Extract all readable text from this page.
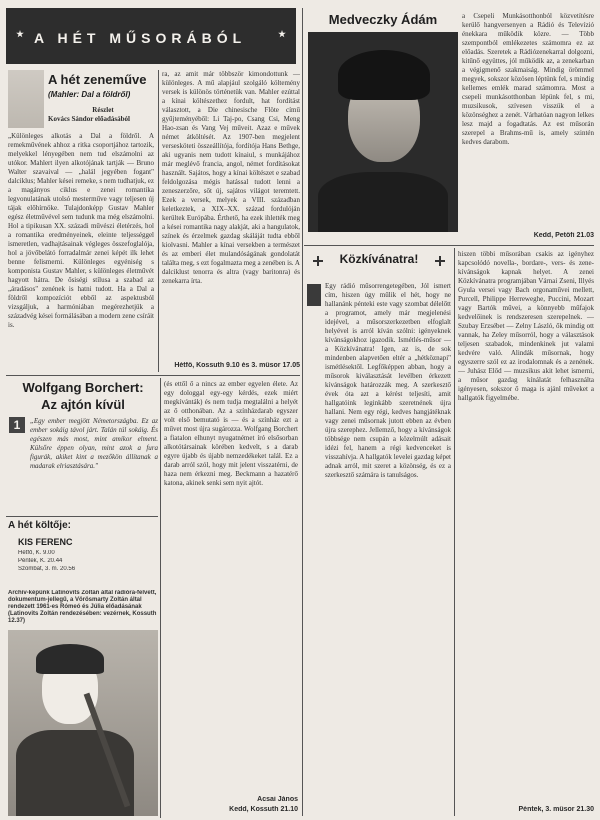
A HÉT MŰSORÁBÓL
A hét zeneműve
(Mahler: Dal a földről)
Részlet
Kovács Sándor előadásából
„Különleges alkotás a Dal a földről. A remekművének ahhoz a ritka csoportjához tartozik, melyekkel lényegében nem tud elszámolni az utókor. Mahlert ilyen alkotójának tartják — Bruno Walter szavaival — „halál jegyében fogant" dalciklus; Mahler kései remeke, s nem tudhatjuk, ez a magányos ciklus e zenei romantika legvonulatának utolsó mesterműve vagy teljesen új tájak előhírnöke. Tulajdonképp Gustav Mahler egész életművével sem tudunk ma még elszámolni. Hol a tipikusan XX. századi művészi életérzés, hol a romantika eredményeinek, eleinte teljességgel ismeretlen, vadhajtásainak végleges összefoglalója, hol a jövőbelátó forradalmár zenei képét ilk lehet benne felismerni. Különleges egyéniség s komponista Gustav Mahler, s különleges életművét hagyott hátra. De ősiségi stílusa a szabad az „áradásos" zenének is hatni tudott. Ha a Dal a földről kompozíciót ebből az aspektusból vizsgáljuk, a harmóniában megérezhetjük a századvég kései formálásában a modern zene csíráit is.
ra, az amit már többször kimondottunk — különleges. A mű alapjául szolgáló költemény versek is különös történetük van. Mahler ezúttal a kínai költészethez fordult, hat fordítást választott, a Die chinesische Flöte című gyűjteményéből: Li Taj-po, Csang Csi, Meng Hao-zsan és Vang Vej műveit. Azaz e művek német átköltését. Az 1907-ben megjelent versesköteti összeállítója, fordítója Hans Bethge, aki ugyanis nem tudott kínaiul, s munkájához már meglévő francia, angol, német fordításokat használt. Sajátos, hogy a kínai költészet e szabad feldolgozása mégis hatással tudott lenni a zeneszerzőre, sőt új, sajátos világot teremtett. Ezek a versek, melyek a VIII. században keletkeztek, a XIX–XX. század fordulóján kerültek Európába. Érthető, ha ezek ihlették meg a kései romantika nagy alakját, aki a hangulatok, színek és érzelmek gazdag skáláját tudta ebből kiolvasni. Mahler a kínai versekben a természet és az emberi élet mulandóságának gondolatát találta meg, s ezt fogalmazta meg a zenében is. A dalciklust tenorra és altra (vagy baritonra) és zenekarra írta.
Hétfő, Kossuth 9.10 és 3. műsor 17.05
Medveczky Ádám	a Csepeli Munkásotthonból közvetítésre kerülő hangversenyen a Rádió és Televízió énekkara működik közre. — Több szempontból emlékezetes számomra ez az előadás. Szeretek a Rádiózenekarral dolgozni, kitűnő együttes, jól működik az, a zenekarban a végigmenő szakmaiság. Mindig örömmel megyek, sokszor közösen léptünk fel, s mindig kellemes emlék marad számomra. Most a csepeli munkásotthonban lépünk fel, s mi, muzsikusok, szívesen visszük el a közönséghez a zenét. Várhatóan nagyon lelkes lesz majd a fogadtatás. Az est műsorán szerepel a Brahms-mű is, amely szintén kedves darabom.
Kedd, Petőfi 21.03
Közkívánatra!
Egy rádió műsorrengetegében, Jól ismert cím, hiszen úgy műlik el hét, hogy ne hallanánk pénteki este vagy szombat délelőtt a programot, amely már megjelenési idejével, a műsorszerkezetben elfoglalt helyével is arról kíván szólni: igényeknek kívánságokhoz igazodik. Ismétlés-műsor — a Közkívánatra! Igen, az is, de sok mindenben alapvetően eltér a „hétköznapi" ismétlésektől. Legfőképpen abban, hogy a műsorok kiválasztását levélben érkezett kívánságok határozzák meg. A szerkesztő évek óta azt a kérést teljesíti, amit hallgatóink leginkább szeretnének újra hallani. Nem egy régi, kedves hangjátéknak vagy zenei műsornak jutott ebben az évben újra szerephez. Jellemző, hogy a kívánságok többsége nem csupán a közelmúlt adásait idézi fel, hanem a régi kedvenceket is visszahívja. A hallgatók levelei gazdag képet adnak arról, mit szeret a közönség, és ez a szerkesztő számára is tanulságos.
hiszen többi műsorában csakis az igényhez kapcsolódó novella-, bordare-, vers- és zene-kívánságok kapnak helyet. A zenei Közkívánatra programjában Várnai Zseni, Illyés Gyula versei vagy Bach orgonaművei mellett, Purcell, Philippe Herreweghe, Puccini, Mozart vagy Bartók művei, a könnyebb műfajok kedvelőinek is rendszeresen szerepelnek. — Szubay Erzsébet — Zelny László, ők mindig ott vannak, ha Zeley műsorról, hogy a választások teljesen szabadok, mindenkinek jut valami kedvére való. Alindák műsornak, hogy egyszerre szól ez az irodalomnak és a zenének. — Juhász Előd — muzsikus akit lehet ismerni, a műsor gazdag kínálatát felhasználta igényesen, sokszor ő maga is ajánl műveket a hallgatók figyelmébe.
Péntek, 3. műsor 21.30
Wolfgang Borchert:
Az ajtón kívül
1	„Egy ember megjött Németországba. Ez az ember sokáig távol járt. Talán túl sokáig. És egészen más most, mint amikor elment. Külsőre éppen olyan, mint azok a fura figurák, akiket kint a mezőkön állítanak a madarak elriasztására."
(és ettől ő a nincs az ember egyelen élete. Az egy dologgal egy-egy kérdés, ezek miért megkívánták) és nem tudja megtalálni a helyét az ő otthonában. Az a színházdarab egyszer volt első bemutató is — és a színház ezt a művet most újra sugározza. Wolfgang Borchert a fiatalon elhunyt nyugatnémet író elsősorban alkotótársainak körében kedvelt, s a darab egyre újabb és újabb nemzedékeket talál. Ez a darab arról szól, hogy mit jelent visszatérni, de haza nem érkezni meg. Beckmann a hazatérő katona, akinek senki sem nyit ajtót.
Acsai János
Kedd, Kossuth 21.10
A hét költője:
KIS FERENC
Hétfő, K. 9.00
Péntek, K. 20.44
Szombat, 3. m. 20.56
Archív-képünk Latinovits Zoltán által rádióra-felvett, dokumentum-jellegű, a Vörösmarty Zoltán által rendezett 1961-es Rómeó és Júlia előadásának (Latinovits Zoltán rendezésében: vezérnek, Kossuth 12.37)
